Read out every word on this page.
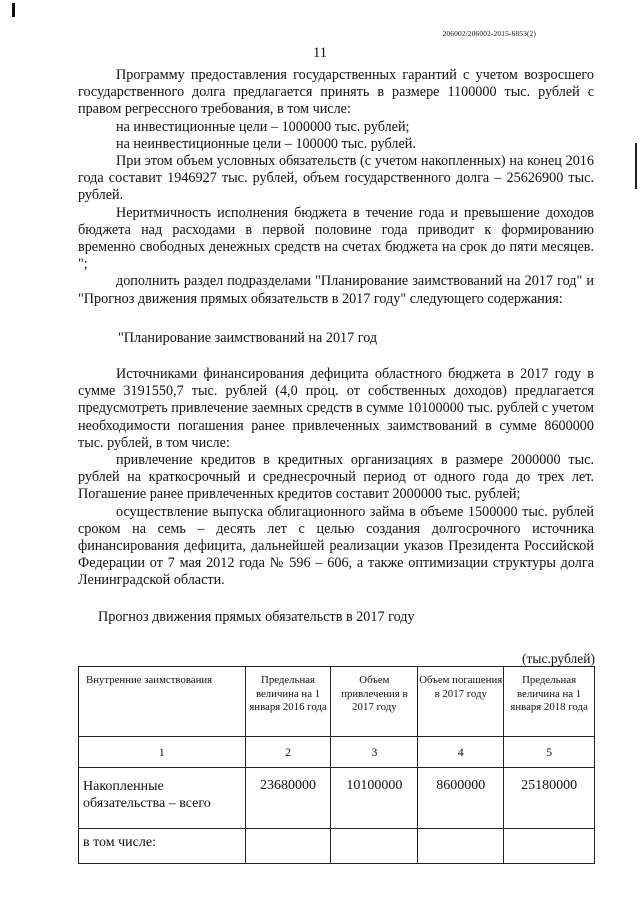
206002/206002-2015-6853(2)
11

Программу предоставления государственных гарантий с учетом возросшего государственного долга предлагается принять в размере 1100000 тыс. рублей с правом регрессного требования, в том числе:

на инвестиционные цели – 1000000 тыс. рублей;

на неинвестиционные цели – 100000 тыс. рублей.

При этом объем условных обязательств (с учетом накопленных) на конец 2016 года составит 1946927 тыс. рублей, объем государственного долга – 25626900 тыс. рублей.

Неритмичность исполнения бюджета в течение года и превышение доходов бюджета над расходами в первой половине года приводит к формированию временно свободных денежных средств на счетах бюджета на срок до пяти месяцев. ";

дополнить раздел подразделами "Планирование заимствований на 2017 год" и "Прогноз движения прямых обязательств в 2017 году" следующего содержания:

"Планирование заимствований на 2017 год

Источниками финансирования дефицита областного бюджета в 2017 году в сумме 3191550,7 тыс. рублей (4,0 проц. от собственных доходов) предлагается предусмотреть привлечение заемных средств в сумме 10100000 тыс. рублей с учетом необходимости погашения ранее привлеченных заимствований в сумме 8600000 тыс. рублей, в том числе:

привлечение кредитов в кредитных организациях в размере 2000000 тыс. рублей на краткосрочный и среднесрочный период от одного года до трех лет. Погашение ранее привлеченных кредитов составит 2000000 тыс. рублей;

осуществление выпуска облигационного займа в объеме 1500000 тыс. рублей сроком на семь – десять лет с целью создания долгосрочного источника финансирования дефицита, дальнейшей реализации указов Президента Российской Федерации от 7 мая 2012 года № 596 – 606, а также оптимизации структуры долга Ленинградской области.

Прогноз движения прямых обязательств в 2017 году

(тыс.рублей)

Внутренние заимствования	Предельная величина на 1 января 2016 года	Объем привлечения в 2017 году	Объем погашения в 2017 году	Предельная величина на 1 января 2018 года
1	2	3	4	5
Накопленные обязательства – всего	23680000	10100000	8600000	25180000
в том числе:				
